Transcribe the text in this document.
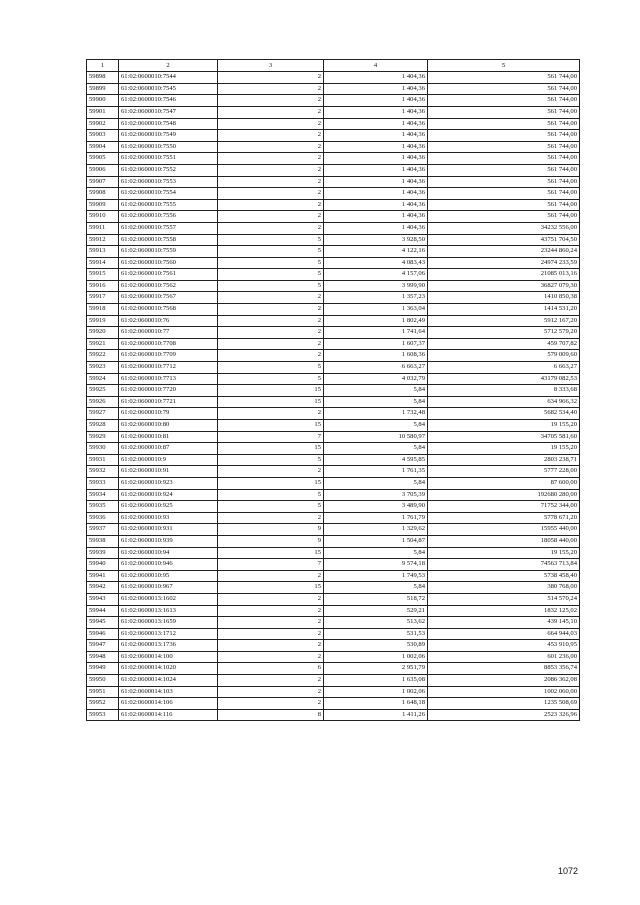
1	2	3	4	5
59898	61:02:0600010:7544	2	1 404,36	561 744,00
59899	61:02:0600010:7545	2	1 404,36	561 744,00
59900	61:02:0600010:7546	2	1 404,36	561 744,00
59901	61:02:0600010:7547	2	1 404,36	561 744,00
59902	61:02:0600010:7548	2	1 404,36	561 744,00
59903	61:02:0600010:7549	2	1 404,36	561 744,00
59904	61:02:0600010:7550	2	1 404,36	561 744,00
59905	61:02:0600010:7551	2	1 404,36	561 744,00
59906	61:02:0600010:7552	2	1 404,36	561 744,00
59907	61:02:0600010:7553	2	1 404,36	561 744,00
59908	61:02:0600010:7554	2	1 404,36	561 744,00
59909	61:02:0600010:7555	2	1 404,36	561 744,00
59910	61:02:0600010:7556	2	1 404,36	561 744,00
59911	61:02:0600010:7557	2	1 404,36	34232 556,00
59912	61:02:0600010:7558	5	3 928,50	43751 704,50
59913	61:02:0600010:7559	5	4 122,16	23244 860,24
59914	61:02:0600010:7560	5	4 083,43	24974 233,59
59915	61:02:0600010:7561	5	4 157,06	21085 013,16
59916	61:02:0600010:7562	5	3 999,90	36827 079,30
59917	61:02:0600010:7567	2	1 357,23	1410 850,38
59918	61:02:0600010:7568	2	1 363,04	1414 531,20
59919	61:02:0600010:76	2	1 802,49	5912 167,20
59920	61:02:0600010:77	2	1 741,64	5712 579,20
59921	61:02:0600010:7708	2	1 607,37	459 707,82
59922	61:02:0600010:7709	2	1 608,36	579 009,60
59923	61:02:0600010:7712	5	6 663,27	6 663,27
59924	61:02:0600010:7713	5	4 032,79	43179 082,53
59925	61:02:0600010:7720	15	5,84	8 333,68
59926	61:02:0600010:7721	15	5,84	634 966,32
59927	61:02:0600010:79	2	1 732,48	5682 534,40
59928	61:02:0600010:80	15	5,84	19 155,20
59929	61:02:0600010:81	7	10 580,97	34705 581,60
59930	61:02:0600010:87	15	5,84	19 155,20
59931	61:02:0600010:9	5	4 595,85	2803 238,71
59932	61:02:0600010:91	2	1 761,35	5777 228,00
59933	61:02:0600010:923	15	5,84	87 600,00
59934	61:02:0600010:924	5	3 705,39	192680 280,00
59935	61:02:0600010:925	5	3 489,90	71752 344,00
59936	61:02:0600010:93	2	1 761,79	5778 671,20
59937	61:02:0600010:931	9	1 329,62	15955 440,00
59938	61:02:0600010:939	9	1 504,87	18058 440,00
59939	61:02:0600010:94	15	5,84	19 155,20
59940	61:02:0600010:946	7	9 574,18	74563 713,84
59941	61:02:0600010:95	2	1 749,53	5738 458,40
59942	61:02:0600010:967	15	5,84	380 768,00
59943	61:02:0600013:1602	2	518,72	514 570,24
59944	61:02:0600013:1613	2	529,21	1832 125,02
59945	61:02:0600013:1659	2	513,62	439 145,10
59946	61:02:0600013:1712	2	531,53	664 944,03
59947	61:02:0600013:1736	2	530,89	453 910,95
59948	61:02:0600014:100	2	1 002,06	601 236,00
59949	61:02:0600014:1020	6	2 951,79	8853 356,74
59950	61:02:0600014:1024	2	1 635,08	2086 362,08
59951	61:02:0600014:103	2	1 002,06	1002 060,00
59952	61:02:0600014:106	2	1 648,18	1235 508,69
59953	61:02:0600014:116	8	1 411,26	2523 326,96
1072
